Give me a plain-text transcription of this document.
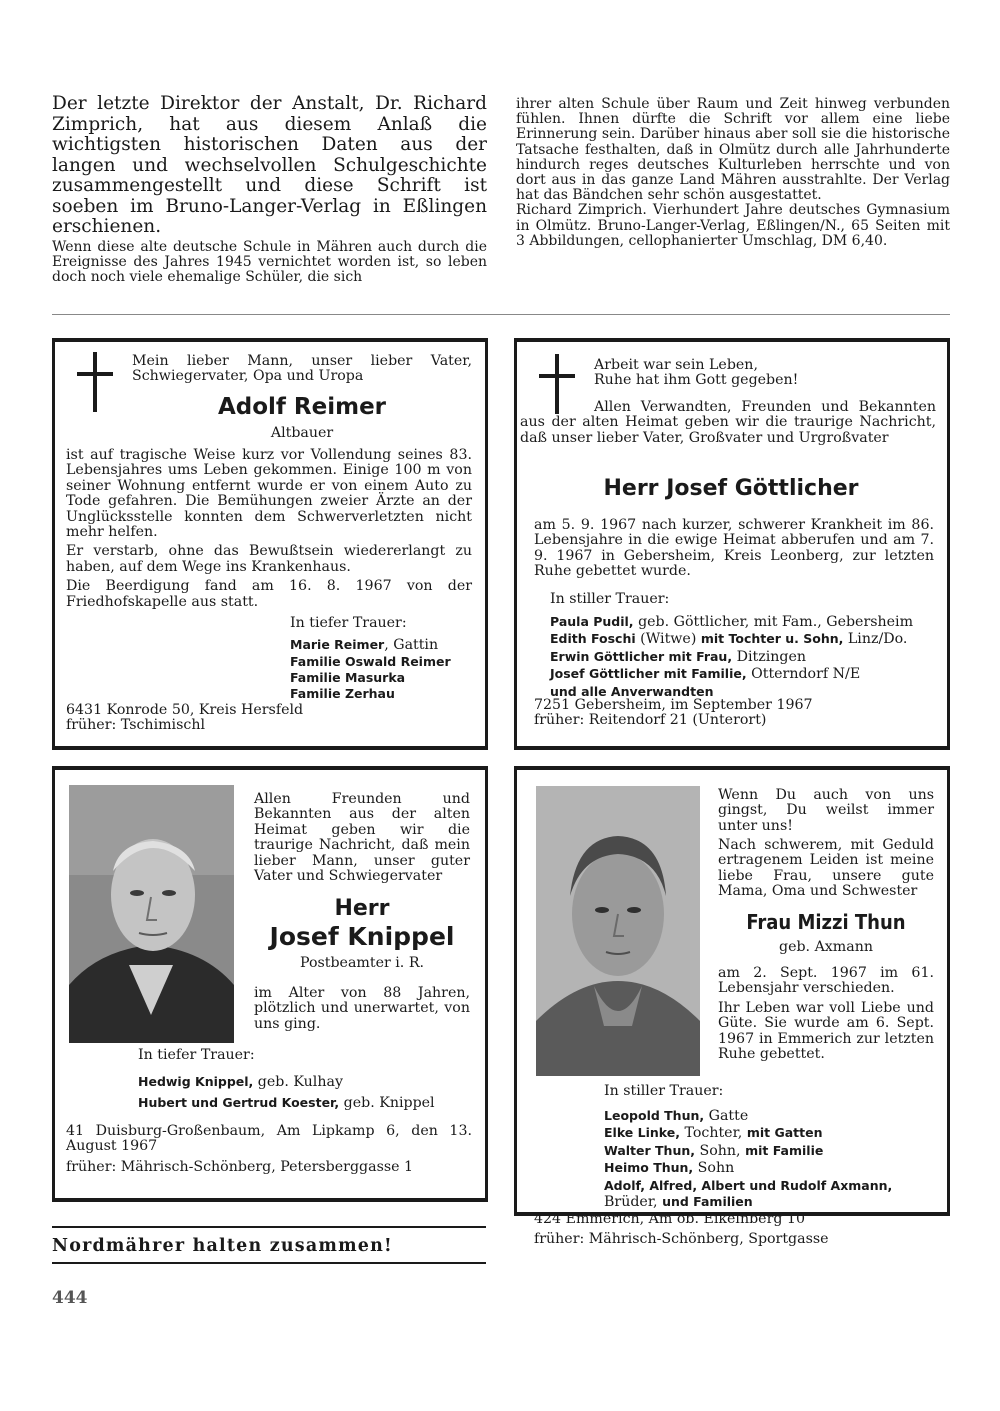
Der letzte Direktor der Anstalt, Dr. Richard Zimprich, hat aus diesem Anlaß die wichtigsten historischen Daten aus der langen und wechselvollen Schulgeschichte zusammengestellt und diese Schrift ist soeben im Bruno-Langer-Verlag in Eßlingen erschienen.

Wenn diese alte deutsche Schule in Mähren auch durch die Ereignisse des Jahres 1945 vernichtet worden ist, so leben doch noch viele ehemalige Schüler, die sich

ihrer alten Schule über Raum und Zeit hinweg verbunden fühlen. Ihnen dürfte die Schrift vor allem eine liebe Erinnerung sein. Darüber hinaus aber soll sie die historische Tatsache festhalten, daß in Olmütz durch alle Jahrhunderte hindurch reges deutsches Kulturleben herrschte und von dort aus in das ganze Land Mähren ausstrahlte. Der Verlag hat das Bändchen sehr schön ausgestattet.

Richard Zimprich. Vierhundert Jahre deutsches Gymnasium in Olmütz. Bruno-Langer-Verlag, Eßlingen/N., 65 Seiten mit 3 Abbildungen, cellophanierter Umschlag, DM 6,40.

Mein lieber Mann, unser lieber Vater, Schwiegervater, Opa und Uropa
Adolf Reimer
Altbauer

ist auf tragische Weise kurz vor Vollendung seines 83. Lebensjahres ums Leben gekommen. Einige 100 m von seiner Wohnung entfernt wurde er von einem Auto zu Tode gefahren. Die Bemühungen zweier Ärzte an der Unglücksstelle konnten dem Schwerverletzten nicht mehr helfen.

Er verstarb, ohne das Bewußtsein wiedererlangt zu haben, auf dem Wege ins Krankenhaus.

Die Beerdigung fand am 16. 8. 1967 von der Friedhofskapelle aus statt.

In tiefer Trauer:
Marie Reimer, Gattin
Familie Oswald Reimer
Familie Masurka
Familie Zerhau
6431 Konrode 50, Kreis Hersfeld
früher: Tschimischl
Arbeit war sein Leben,
Ruhe hat ihm Gott gegeben!
Allen Verwandten, Freunden und Bekannten aus der alten Heimat geben wir die traurige Nachricht, daß unser lieber Vater, Großvater und Urgroßvater
Herr Josef Göttlicher
am 5. 9. 1967 nach kurzer, schwerer Krankheit im 86. Lebensjahre in die ewige Heimat abberufen und am 7. 9. 1967 in Gebersheim, Kreis Leonberg, zur letzten Ruhe gebettet wurde.
In stiller Trauer:
Paula Pudil, geb. Göttlicher, mit Fam., Gebersheim
Edith Foschi (Witwe) mit Tochter u. Sohn, Linz/Do.
Erwin Göttlicher mit Frau, Ditzingen
Josef Göttlicher mit Familie, Otterndorf N/E
und alle Anverwandten
7251 Gebersheim, im September 1967
früher: Reitendorf 21 (Unterort)
Allen Freunden und Bekannten aus der alten Heimat geben wir die traurige Nachricht, daß mein lieber Mann, unser guter Vater und Schwiegervater
Herr
Josef Knippel
Postbeamter i. R.
im Alter von 88 Jahren, plötzlich und unerwartet, von uns ging.
In tiefer Trauer:
Hedwig Knippel, geb. Kulhay
Hubert und Gertrud Koester, geb. Knippel
41 Duisburg-Großenbaum, Am Lipkamp 6, den 13. August 1967
früher: Mährisch-Schönberg, Petersberggasse 1
Wenn Du auch von uns gingst, Du weilst immer unter uns!
Nach schwerem, mit Geduld ertragenem Leiden ist meine liebe Frau, unsere gute Mama, Oma und Schwester
Frau Mizzi Thun
geb. Axmann

am 2. Sept. 1967 im 61. Lebensjahr verschieden.

Ihr Leben war voll Liebe und Güte. Sie wurde am 6. Sept. 1967 in Emmerich zur letzten Ruhe gebettet.

In stiller Trauer:
Leopold Thun, Gatte
Elke Linke, Tochter, mit Gatten
Walter Thun, Sohn, mit Familie
Heimo Thun, Sohn
Adolf, Alfred, Albert und Rudolf Axmann,
Brüder, und Familien
424 Emmerich, Am ob. Eikelnberg 10
früher: Mährisch-Schönberg, Sportgasse
Nordmährer halten zusammen!
444
